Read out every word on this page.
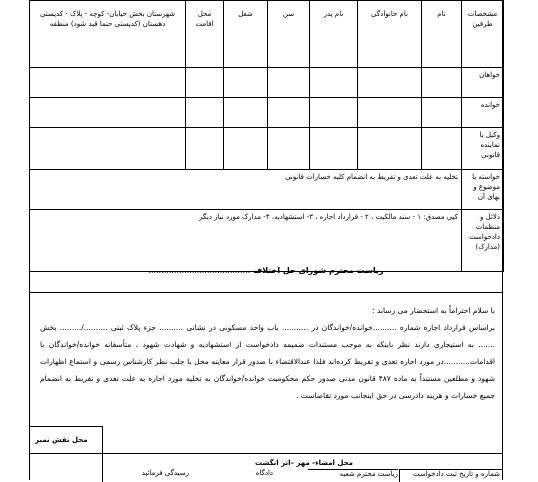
مشخصات طرفین	نام	نام خانوادگی	نام پدر	سن	شغل	محل اقامت	شهرستان بخش خیابان- کوچه - پلاک - کدپستی دهستان (کدپستی حتما قید شود) منطقه
خواهان							
خوانده							
وکیل یا نماینده قانونی							
خواسته یا موضوع و بهای آن	تخلیه به علت تعدی و تفریط به انضمام کلیه خسارات قانونی						
دلائل و منظمات دادخواست (مدارک)	کپی مصدق: ۱ - سند مالکیت ، ۲ - قرارداد اجاره ، ۳- استشهادیه، ۴- مدارک مورد نیاز دیگر						
ریاست محترم شورای حل اختلاف ........................................

با سلام احتراماً به استحضار می رساند :

براساس قرارداد اجاره شماره ..........خوانده/خواندگان در ........... باب واحد مسکونی در نشانی .......... جزء پلاک ثبتی ........../......... بخش ....... به استیجاری دارند نظر باینکه به موجب مستندات ضمیمه دادخواست از استشهادیه و شهادت شهود ، متأسفانه خوانده/خواندگان با اقدامات...........در مورد اجاره تعدی و تفریط کرده‌اند فلذا عندالاقتضاء با صدور قرار معاینه محل با جلب نظر کارشناس رسمی و استماع اظهارات شهود و مطلعین مستنداً به ماده ۴۸۷ قانون مدنی صدور حکم محکومیت خوانده/خواندگان به تخلیه مورد اجاره به علت تعدی و تفریط به انضمام جمیع خسارات و هزینه دادرسی در حق اینجانب مورد تقاضاست .

محل نقش تمبر
محل امضاء- مهر –اثر انگشت
شماره و تاریخ ثبت دادخواست
ریاست محترم شعبه
دادگاه
رسیدگی فرمائید
